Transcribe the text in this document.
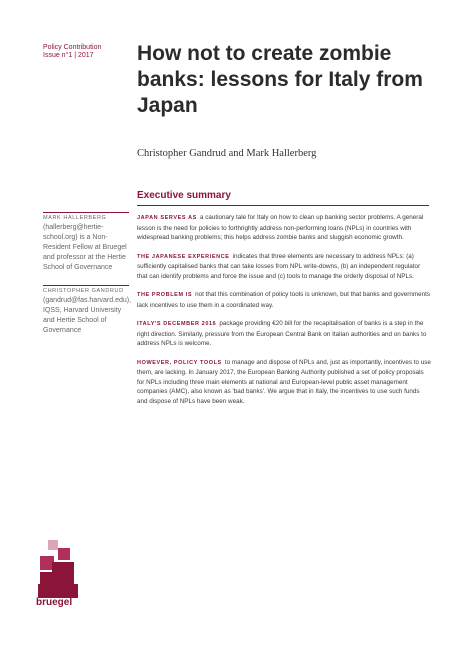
Policy Contribution
Issue n°1 | 2017	How not to create zombie banks: lessons for Italy from Japan
Christopher Gandrud and Mark Hallerberg
Executive summary
MARK HALLERBERG
(hallerberg@hertie-school.org) is a Non-Resident Fellow at Bruegel and professor at the Hertie School of Governance
CHRISTOPHER GANDRUD
(gandrud@fas.harvard.edu), IQSS, Harvard University and Hertie School of Governance

JAPAN SERVES AS a cautionary tale for Italy on how to clean up banking sector problems. A general lesson is the need for policies to forthrightly address non-performing loans (NPLs) in countries with widespread banking problems; this helps address zombie banks and sluggish economic growth.

THE JAPANESE EXPERIENCE indicates that three elements are necessary to address NPLs: (a) sufficiently capitalised banks that can take losses from NPL write-downs, (b) an independent regulator that can identify problems and force the issue and (c) tools to manage the orderly disposal of NPLs.

THE PROBLEM IS not that this combination of policy tools is unknown, but that banks and governments lack incentives to use them in a coordinated way.

ITALY'S DECEMBER 2016 package providing €20 bill for the recapitalisation of banks is a step in the right direction. Similarly, pressure from the European Central Bank on Italian authorities and on banks to address NPLs is welcome.

HOWEVER, POLICY TOOLS to manage and dispose of NPLs and, just as importantly, incentives to use them, are lacking. In January 2017, the European Banking Authority published a set of policy proposals for NPLs including three main elements at national and European-level public asset management companies (AMC), also known as 'bad banks'. We argue that in Italy, the incentives to use such funds and dispose of NPLs have been weak.

bruegel
